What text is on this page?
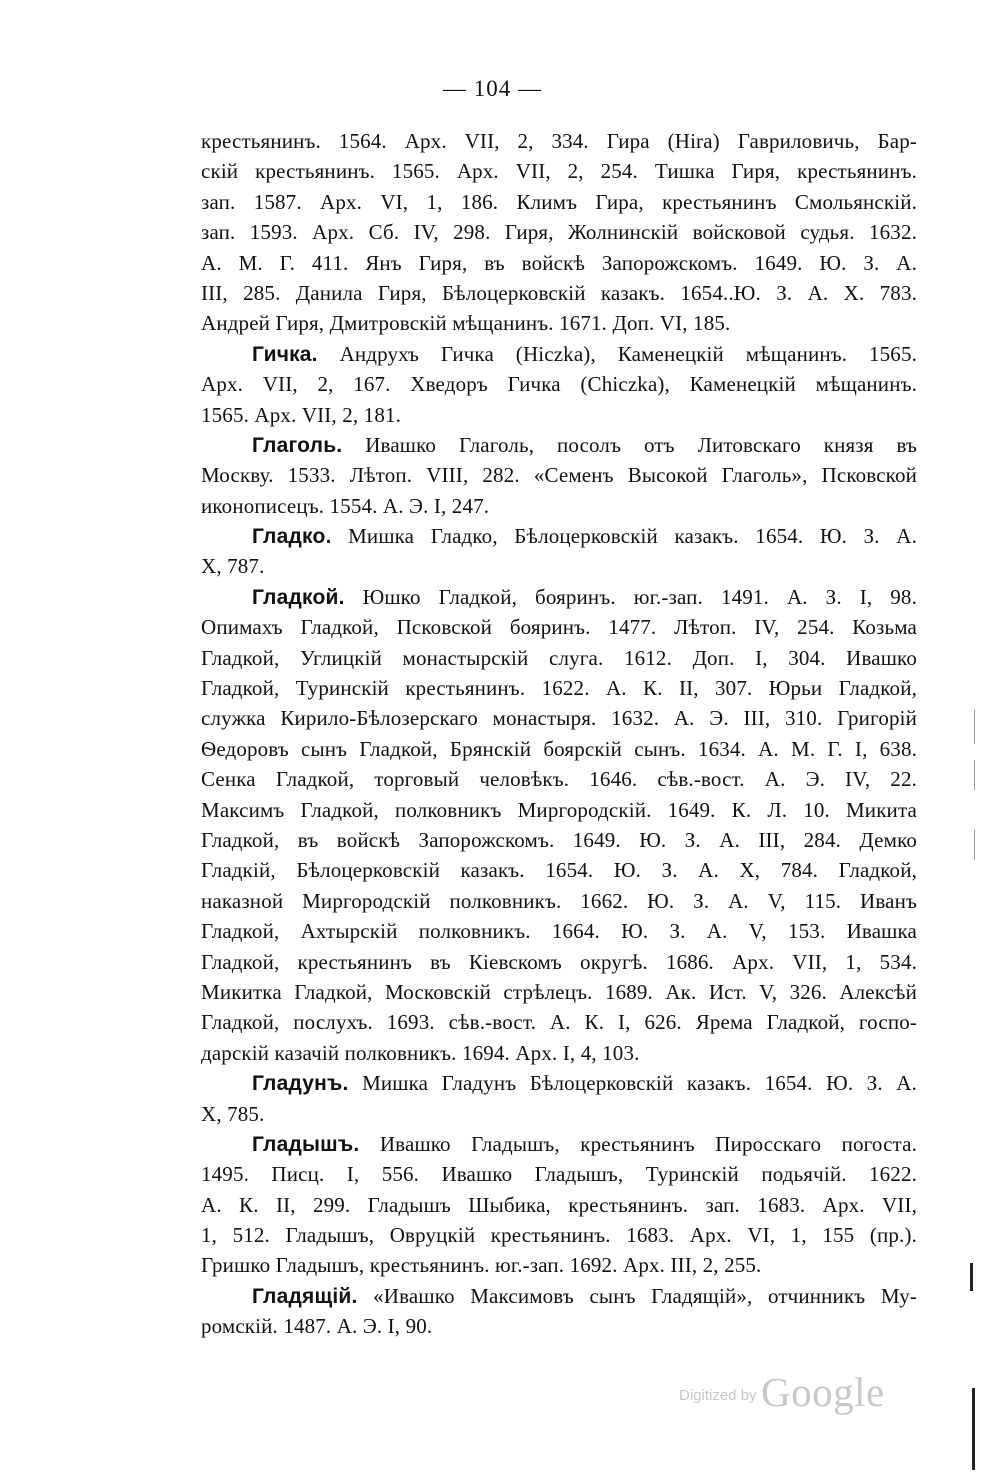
— 104 —
крестьянинъ. 1564. Арх. VII, 2, 334. Гира (Hira) Гавриловичь, Бар-
скій крестьянинъ. 1565. Арх. VII, 2, 254. Тишка Гиря, крестьянинъ.
зап. 1587. Арх. VI, 1, 186. Климъ Гира, крестьянинъ Смольянскій.
зап. 1593. Арх. Сб. IV, 298. Гиря, Жолнинскій войсковой судья. 1632.
А. М. Г. 411. Янъ Гиря, въ войскѣ Запорожскомъ. 1649. Ю. З. А.
III, 285. Данила Гиря, Бѣлоцерковскій казакъ. 1654..Ю. З. А. X. 783.
Андрей Гиря, Дмитровскій мѣщанинъ. 1671. Доп. VI, 185.
Гичка. Андрухъ Гичка (Hiczka), Каменецкій мѣщанинъ. 1565.
Арх. VII, 2, 167. Хведоръ Гичка (Chiczka), Каменецкій мѣщанинъ.
1565. Арх. VII, 2, 181.
Глаголь. Ивашко Глаголь, посолъ отъ Литовскаго князя въ
Москву. 1533. Лѣтоп. VIII, 282. «Семенъ Высокой Глаголь», Псковской
иконописецъ. 1554. А. Э. I, 247.
Гладко. Мишка Гладко, Бѣлоцерковскій казакъ. 1654. Ю. З. А.
X, 787.
Гладкой. Юшко Гладкой, бояринъ. юг.-зап. 1491. А. З. I, 98.
Опимахъ Гладкой, Псковской бояринъ. 1477. Лѣтоп. IV, 254. Козьма
Гладкой, Углицкій монастырскій слуга. 1612. Доп. I, 304. Ивашко
Гладкой, Туринскій крестьянинъ. 1622. А. К. II, 307. Юрьи Гладкой,
служка Кирило-Бѣлозерскаго монастыря. 1632. А. Э. III, 310. Григорій
Ѳедоровъ сынъ Гладкой, Брянскій боярскій сынъ. 1634. А. М. Г. I, 638.
Сенка Гладкой, торговый человѣкъ. 1646. сѣв.-вост. А. Э. IV, 22.
Максимъ Гладкой, полковникъ Миргородскій. 1649. К. Л. 10. Микита
Гладкой, въ войскѣ Запорожскомъ. 1649. Ю. З. А. III, 284. Демко
Гладкій, Бѣлоцерковскій казакъ. 1654. Ю. З. А. X, 784. Гладкой,
наказной Миргородскій полковникъ. 1662. Ю. З. А. V, 115. Иванъ
Гладкой, Ахтырскій полковникъ. 1664. Ю. З. А. V, 153. Ивашка
Гладкой, крестьянинъ въ Кіевскомъ округѣ. 1686. Арх. VII, 1, 534.
Микитка Гладкой, Московскій стрѣлецъ. 1689. Ак. Ист. V, 326. Алексѣй
Гладкой, послухъ. 1693. сѣв.-вост. А. К. I, 626. Ярема Гладкой, госпо-
дарскій казачій полковникъ. 1694. Арх. I, 4, 103.
Гладунъ. Мишка Гладунъ Бѣлоцерковскій казакъ. 1654. Ю. З. А.
X, 785.
Гладышъ. Ивашко Гладышъ, крестьянинъ Пиросскаго погоста.
1495. Писц. I, 556. Ивашко Гладышъ, Туринскій подьячій. 1622.
А. К. II, 299. Гладышъ Шыбика, крестьянинъ. зап. 1683. Арх. VII,
1, 512. Гладышъ, Овруцкій крестьянинъ. 1683. Арх. VI, 1, 155 (пр.).
Гришко Гладышъ, крестьянинъ. юг.-зап. 1692. Арх. III, 2, 255.
Гладящій. «Ивашко Максимовъ сынъ Гладящій», отчинникъ Му-
ромскій. 1487. А. Э. I, 90.
Digitized by Google
